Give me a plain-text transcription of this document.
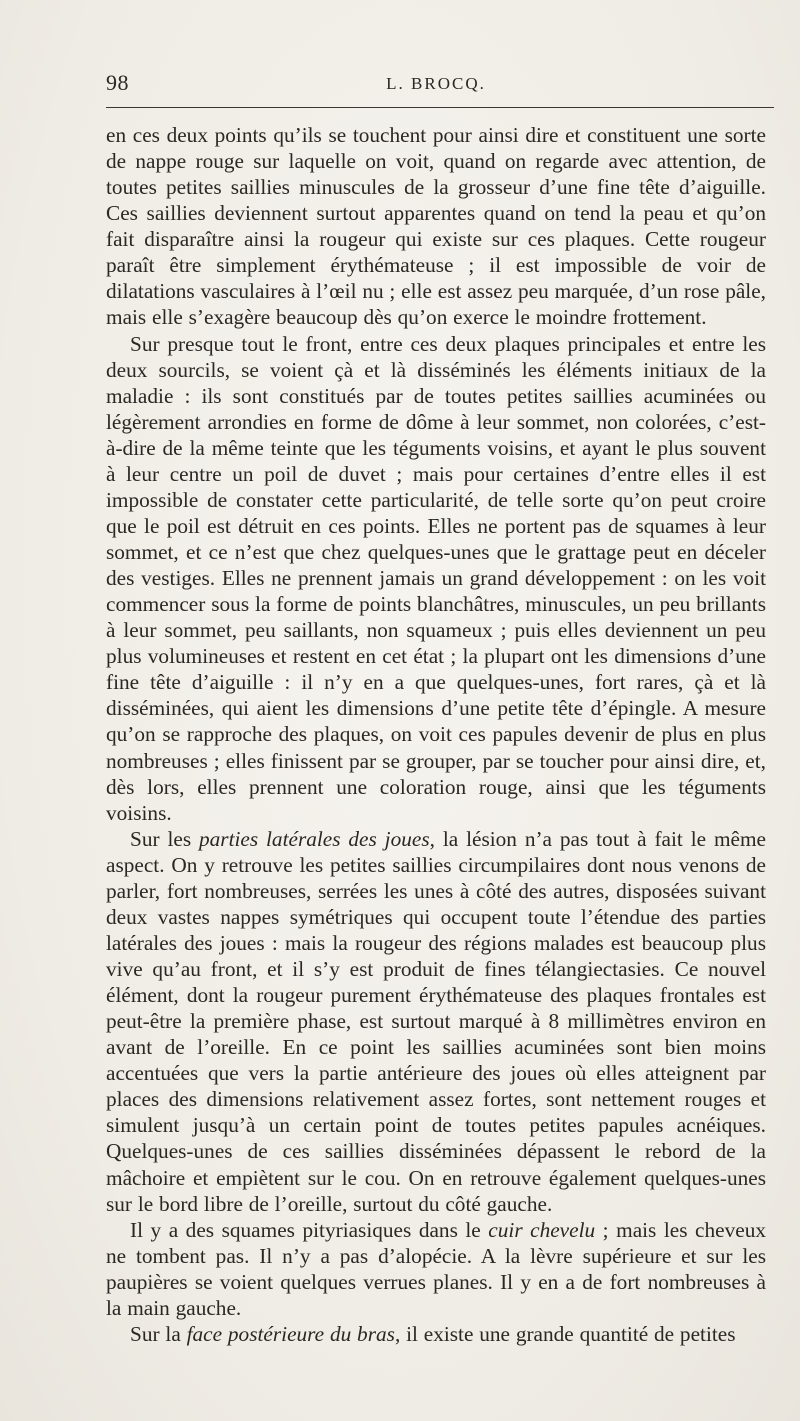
98	L. BROCQ.

en ces deux points qu’ils se touchent pour ainsi dire et constituent une sorte de nappe rouge sur laquelle on voit, quand on regarde avec attention, de toutes petites saillies minuscules de la grosseur d’une fine tête d’aiguille. Ces saillies deviennent surtout apparentes quand on tend la peau et qu’on fait disparaître ainsi la rougeur qui existe sur ces plaques. Cette rougeur paraît être simplement érythémateuse ; il est impossible de voir de dilatations vasculaires à l’œil nu ; elle est assez peu marquée, d’un rose pâle, mais elle s’exagère beaucoup dès qu’on exerce le moindre frottement.

Sur presque tout le front, entre ces deux plaques principales et entre les deux sourcils, se voient çà et là disséminés les éléments initiaux de la maladie : ils sont constitués par de toutes petites saillies acuminées ou légèrement arrondies en forme de dôme à leur sommet, non colorées, c’est-à-dire de la même teinte que les téguments voisins, et ayant le plus souvent à leur centre un poil de duvet ; mais pour certaines d’entre elles il est impossible de constater cette particularité, de telle sorte qu’on peut croire que le poil est détruit en ces points. Elles ne portent pas de squames à leur sommet, et ce n’est que chez quelques-unes que le grattage peut en déceler des vestiges. Elles ne prennent jamais un grand développement : on les voit commencer sous la forme de points blanchâtres, minuscules, un peu brillants à leur sommet, peu saillants, non squameux ; puis elles deviennent un peu plus volumineuses et restent en cet état ; la plupart ont les dimensions d’une fine tête d’aiguille : il n’y en a que quelques-unes, fort rares, çà et là disséminées, qui aient les dimensions d’une petite tête d’épingle. A mesure qu’on se rapproche des plaques, on voit ces papules devenir de plus en plus nombreuses ; elles finissent par se grouper, par se toucher pour ainsi dire, et, dès lors, elles prennent une coloration rouge, ainsi que les téguments voisins.

Sur les parties latérales des joues, la lésion n’a pas tout à fait le même aspect. On y retrouve les petites saillies circumpilaires dont nous venons de parler, fort nombreuses, serrées les unes à côté des autres, disposées suivant deux vastes nappes symétriques qui occupent toute l’étendue des parties latérales des joues : mais la rougeur des régions malades est beaucoup plus vive qu’au front, et il s’y est produit de fines télangiectasies. Ce nouvel élément, dont la rougeur purement érythémateuse des plaques frontales est peut-être la première phase, est surtout marqué à 8 millimètres environ en avant de l’oreille. En ce point les saillies acuminées sont bien moins accentuées que vers la partie antérieure des joues où elles atteignent par places des dimensions relativement assez fortes, sont nettement rouges et simulent jusqu’à un certain point de toutes petites papules acnéiques. Quelques-unes de ces saillies disséminées dépassent le rebord de la mâchoire et empiètent sur le cou. On en retrouve également quelques-unes sur le bord libre de l’oreille, surtout du côté gauche.

Il y a des squames pityriasiques dans le cuir chevelu ; mais les cheveux ne tombent pas. Il n’y a pas d’alopécie. A la lèvre supérieure et sur les paupières se voient quelques verrues planes. Il y en a de fort nombreuses à la main gauche.

Sur la face postérieure du bras, il existe une grande quantité de petites
